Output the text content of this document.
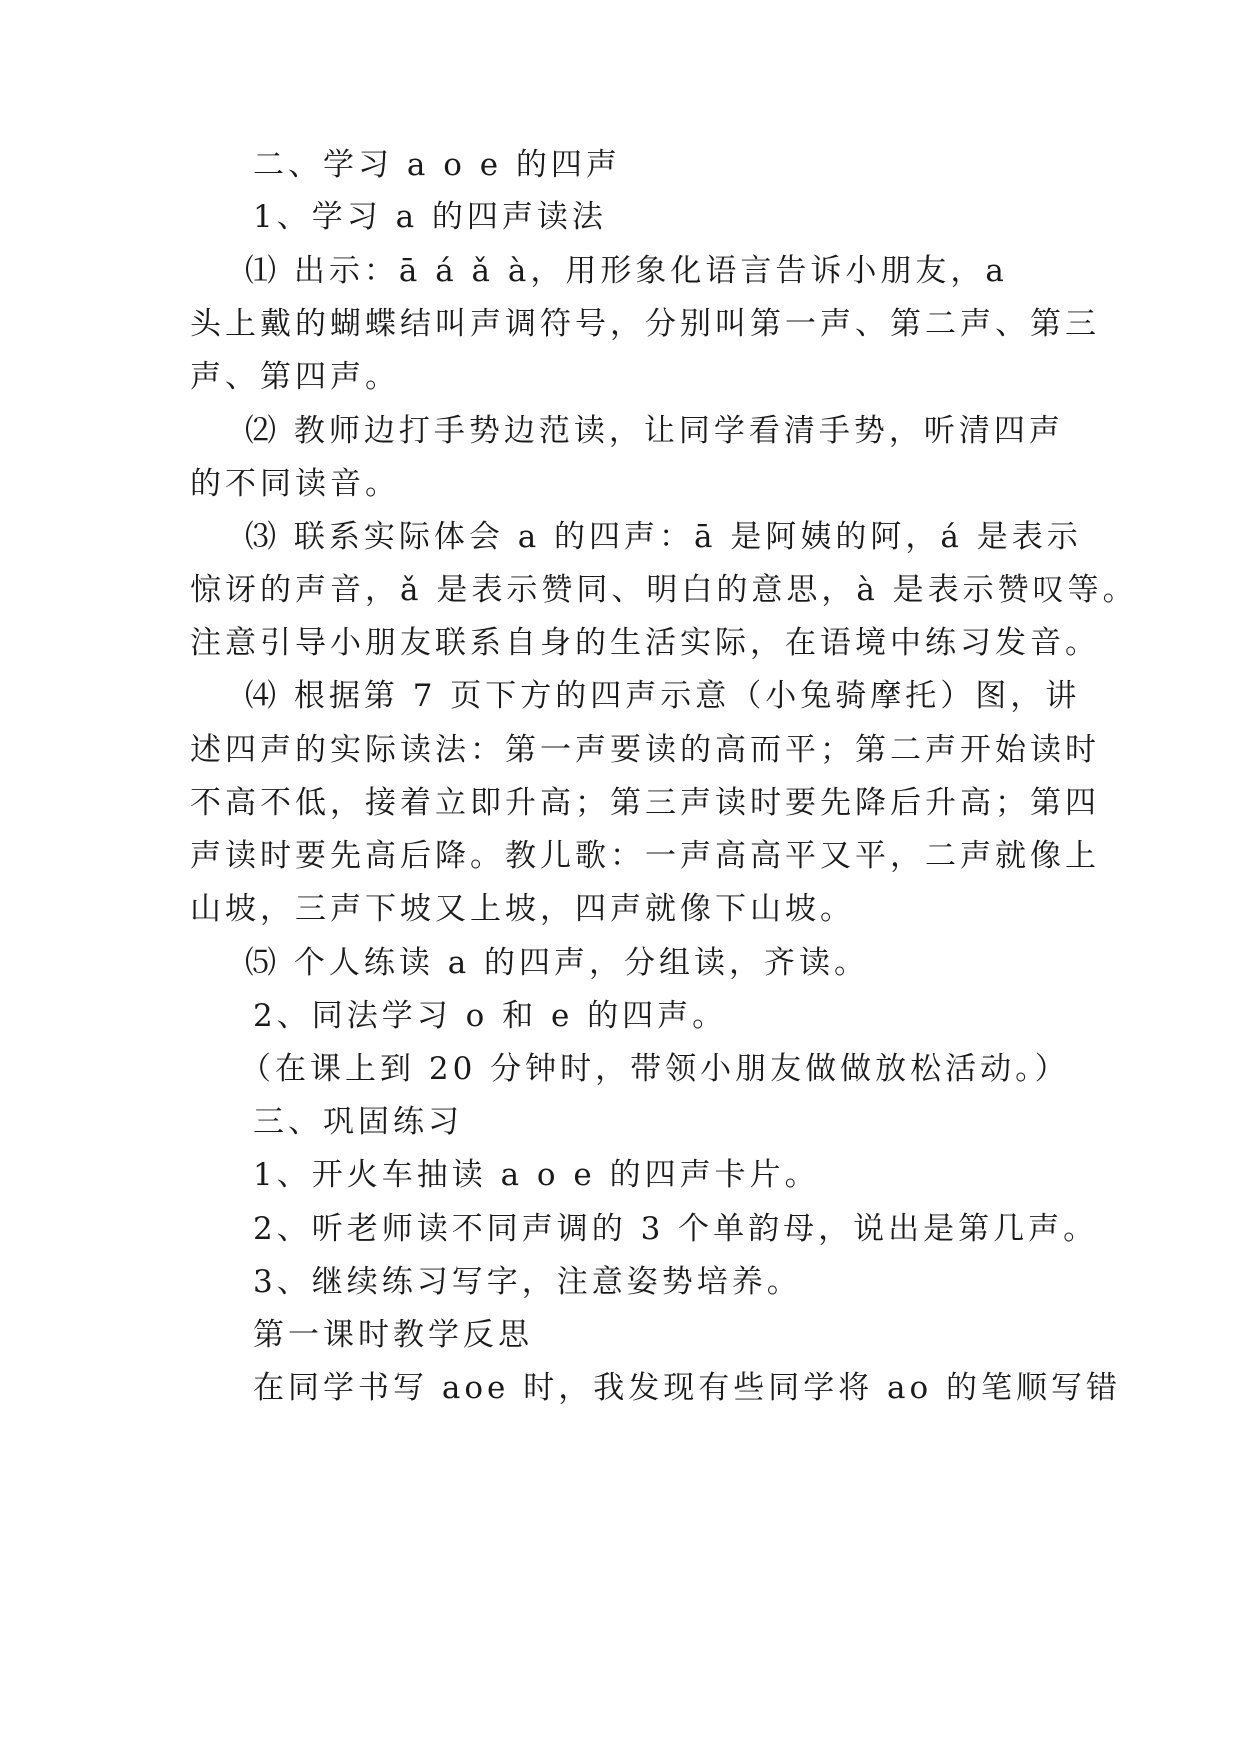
二、学习 a o e 的四声
1、学习 a 的四声读法
⑴ 出示：ā á ǎ à，用形象化语言告诉小朋友，a
头上戴的蝴蝶结叫声调符号，分别叫第一声、第二声、第三
声、第四声。
⑵ 教师边打手势边范读，让同学看清手势，听清四声
的不同读音。
⑶ 联系实际体会 a 的四声：ā 是阿姨的阿，á 是表示
惊讶的声音，ǎ 是表示赞同、明白的意思，à 是表示赞叹等。
注意引导小朋友联系自身的生活实际，在语境中练习发音。
⑷ 根据第 7 页下方的四声示意（小兔骑摩托）图，讲
述四声的实际读法：第一声要读的高而平；第二声开始读时
不高不低，接着立即升高；第三声读时要先降后升高；第四
声读时要先高后降。教儿歌：一声高高平又平，二声就像上
山坡，三声下坡又上坡，四声就像下山坡。
⑸ 个人练读 a 的四声，分组读，齐读。
2、同法学习 o 和 e 的四声。
（在课上到 20 分钟时，带领小朋友做做放松活动。）
三、巩固练习
1、开火车抽读 a o e 的四声卡片。
2、听老师读不同声调的 3 个单韵母，说出是第几声。
3、继续练习写字，注意姿势培养。
第一课时教学反思
在同学书写 aoe 时，我发现有些同学将 ao 的笔顺写错
